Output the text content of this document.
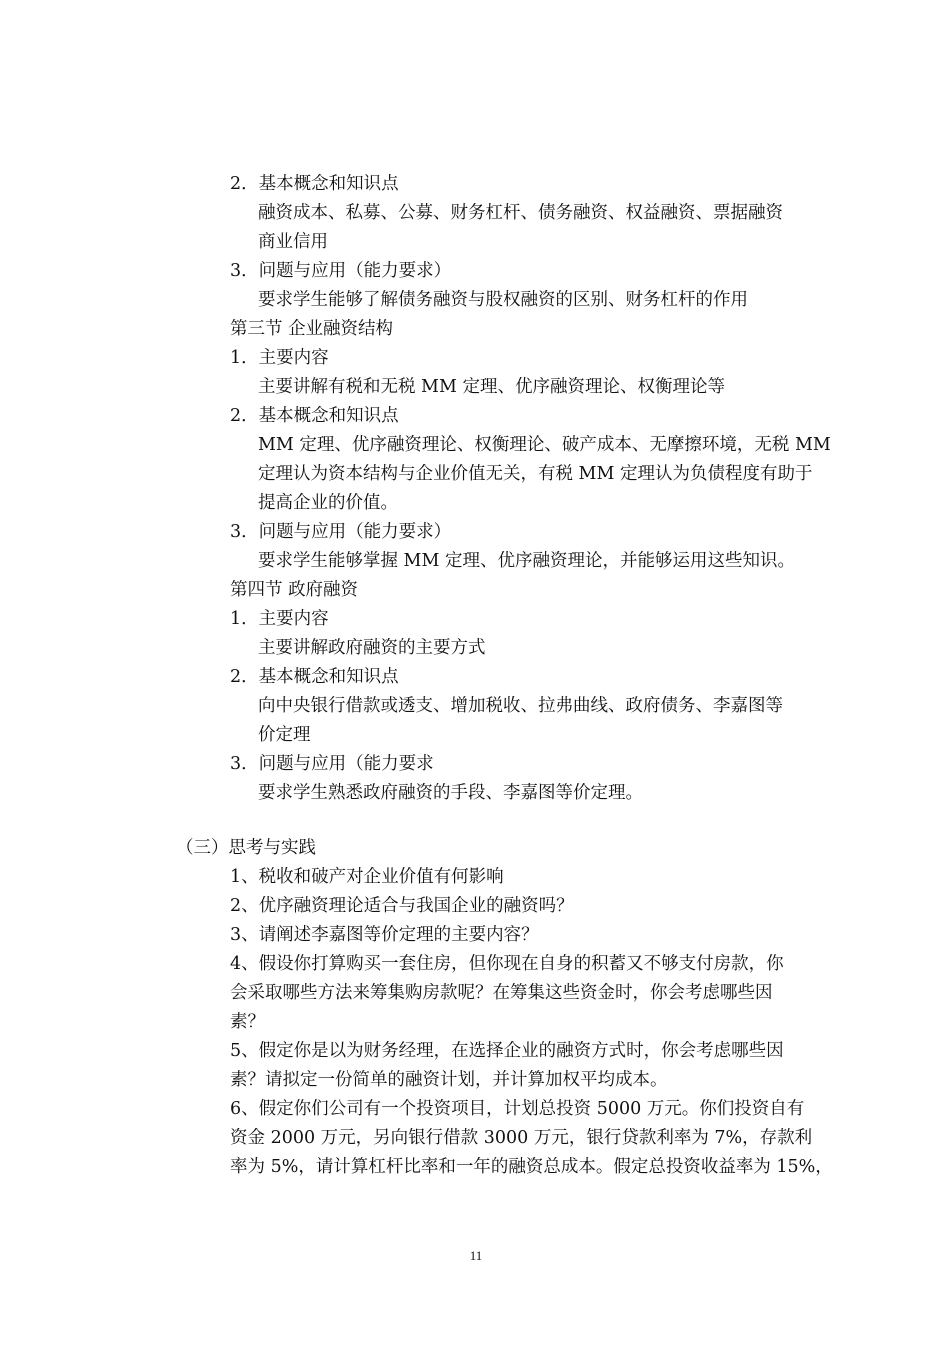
2．基本概念和知识点
融资成本、私募、公募、财务杠杆、债务融资、权益融资、票据融资
商业信用
3．问题与应用（能力要求）
要求学生能够了解债务融资与股权融资的区别、财务杠杆的作用
第三节 企业融资结构
1．主要内容
主要讲解有税和无税 MM 定理、优序融资理论、权衡理论等
2．基本概念和知识点
MM 定理、优序融资理论、权衡理论、破产成本、无摩擦环境，无税 MM
定理认为资本结构与企业价值无关，有税 MM 定理认为负债程度有助于
提高企业的价值。
3．问题与应用（能力要求）
要求学生能够掌握 MM 定理、优序融资理论，并能够运用这些知识。
第四节 政府融资
1．主要内容
主要讲解政府融资的主要方式
2．基本概念和知识点
向中央银行借款或透支、增加税收、拉弗曲线、政府债务、李嘉图等
价定理
3．问题与应用（能力要求
要求学生熟悉政府融资的手段、李嘉图等价定理。
（三）思考与实践
1、税收和破产对企业价值有何影响
2、优序融资理论适合与我国企业的融资吗？
3、请阐述李嘉图等价定理的主要内容？
4、假设你打算购买一套住房，但你现在自身的积蓄又不够支付房款，你
会采取哪些方法来筹集购房款呢？在筹集这些资金时，你会考虑哪些因
素？
5、假定你是以为财务经理，在选择企业的融资方式时，你会考虑哪些因
素？请拟定一份简单的融资计划，并计算加权平均成本。
6、假定你们公司有一个投资项目，计划总投资 5000 万元。你们投资自有
资金 2000 万元，另向银行借款 3000 万元，银行贷款利率为 7%，存款利
率为 5%，请计算杠杆比率和一年的融资总成本。假定总投资收益率为 15%，
11
